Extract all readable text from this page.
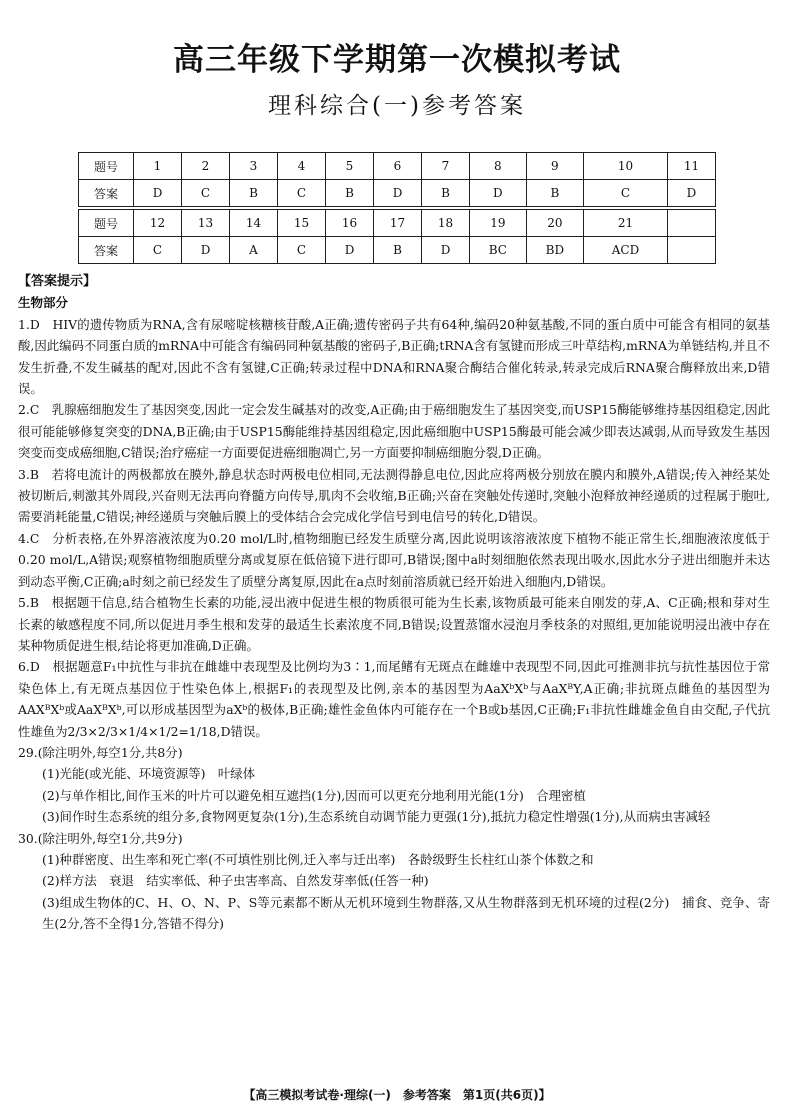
高三年级下学期第一次模拟考试
理科综合(一)参考答案
题号	1	2	3	4	5	6	7	8	9	10	11
答案	D	C	B	C	B	D	B	D	B	C	D

题号	12	13	14	15	16	17	18	19	20	21	
答案	C	D	A	C	D	B	D	BC	BD	ACD	
【答案提示】
生物部分
1.D　HIV的遗传物质为RNA,含有尿嘧啶核糖核苷酸,A正确;遗传密码子共有64种,编码20种氨基酸,不同的蛋白质中可能含有相同的氨基酸,因此编码不同蛋白质的mRNA中可能含有编码同种氨基酸的密码子,B正确;tRNA含有氢键而形成三叶草结构,mRNA为单链结构,并且不发生折叠,不发生碱基的配对,因此不含有氢键,C正确;转录过程中DNA和RNA聚合酶结合催化转录,转录完成后RNA聚合酶释放出来,D错误。
2.C　乳腺癌细胞发生了基因突变,因此一定会发生碱基对的改变,A正确;由于癌细胞发生了基因突变,而USP15酶能够维持基因组稳定,因此很可能能够修复突变的DNA,B正确;由于USP15酶能维持基因组稳定,因此癌细胞中USP15酶最可能会减少即表达减弱,从而导致发生基因突变而变成癌细胞,C错误;治疗癌症一方面要促进癌细胞凋亡,另一方面要抑制癌细胞分裂,D正确。
3.B　若将电流计的两极都放在膜外,静息状态时两极电位相同,无法测得静息电位,因此应将两极分别放在膜内和膜外,A错误;传入神经某处被切断后,刺激其外周段,兴奋则无法再向脊髓方向传导,肌肉不会收缩,B正确;兴奋在突触处传递时,突触小泡释放神经递质的过程属于胞吐,需要消耗能量,C错误;神经递质与突触后膜上的受体结合会完成化学信号到电信号的转化,D错误。
4.C　分析表格,在外界溶液浓度为0.20 mol/L时,植物细胞已经发生质壁分离,因此说明该溶液浓度下植物不能正常生长,细胞液浓度低于0.20 mol/L,A错误;观察植物细胞质壁分离或复原在低倍镜下进行即可,B错误;图中a时刻细胞依然表现出吸水,因此水分子进出细胞并未达到动态平衡,C正确;a时刻之前已经发生了质壁分离复原,因此在a点时刻前溶质就已经开始进入细胞内,D错误。
5.B　根据题干信息,结合植物生长素的功能,浸出液中促进生根的物质很可能为生长素,该物质最可能来自刚发的芽,A、C正确;根和芽对生长素的敏感程度不同,所以促进月季生根和发芽的最适生长素浓度不同,B错误;设置蒸馏水浸泡月季枝条的对照组,更加能说明浸出液中存在某种物质促进生根,结论将更加准确,D正确。
6.D　根据题意F₁中抗性与非抗在雌雄中表现型及比例均为3∶1,而尾鳍有无斑点在雌雄中表现型不同,因此可推测非抗与抗性基因位于常染色体上,有无斑点基因位于性染色体上,根据F₁的表现型及比例,亲本的基因型为AaXᵇXᵇ与AaXᴮY,A正确;非抗斑点雌鱼的基因型为AAXᴮXᵇ或AaXᴮXᵇ,可以形成基因型为aXᵇ的极体,B正确;雄性金鱼体内可能存在一个B或b基因,C正确;F₁非抗性雌雄金鱼自由交配,子代抗性雄鱼为2/3×2/3×1/4×1/2=1/18,D错误。
29.(除注明外,每空1分,共8分)
(1)光能(或光能、环境资源等)　叶绿体
(2)与单作相比,间作玉米的叶片可以避免相互遮挡(1分),因而可以更充分地利用光能(1分)　合理密植
(3)间作时生态系统的组分多,食物网更复杂(1分),生态系统自动调节能力更强(1分),抵抗力稳定性增强(1分),从而病虫害减轻
30.(除注明外,每空1分,共9分)
(1)种群密度、出生率和死亡率(不可填性别比例,迁入率与迁出率)　各龄级野生长柱红山茶个体数之和
(2)样方法　衰退　结实率低、种子虫害率高、自然发芽率低(任答一种)
(3)组成生物体的C、H、O、N、P、S等元素都不断从无机环境到生物群落,又从生物群落到无机环境的过程(2分)　捕食、竞争、寄生(2分,答不全得1分,答错不得分)
【高三模拟考试卷·理综(一)　参考答案　第1页(共6页)】
